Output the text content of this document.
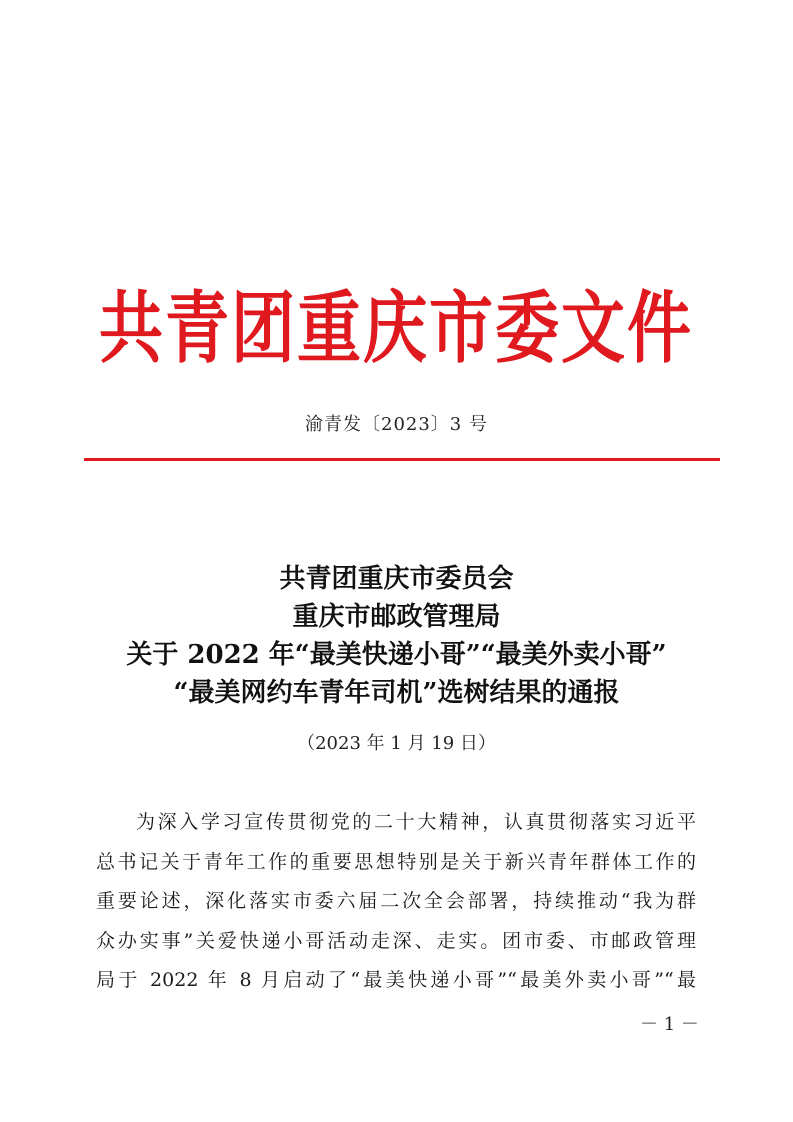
共青团重庆市委文件
渝青发〔2023〕3 号
共青团重庆市委员会
重庆市邮政管理局
关于 2022 年“最美快递小哥”“最美外卖小哥”
“最美网约车青年司机”选树结果的通报
（2023 年 1 月 19 日）
为深入学习宣传贯彻党的二十大精神，认真贯彻落实习近平
总书记关于青年工作的重要思想特别是关于新兴青年群体工作的
重要论述，深化落实市委六届二次全会部署，持续推动“我为群
众办实事”关爱快递小哥活动走深、走实。团市委、市邮政管理
局于 2022 年 8 月启动了“最美快递小哥”“最美外卖小哥”“最
－ 1 －
